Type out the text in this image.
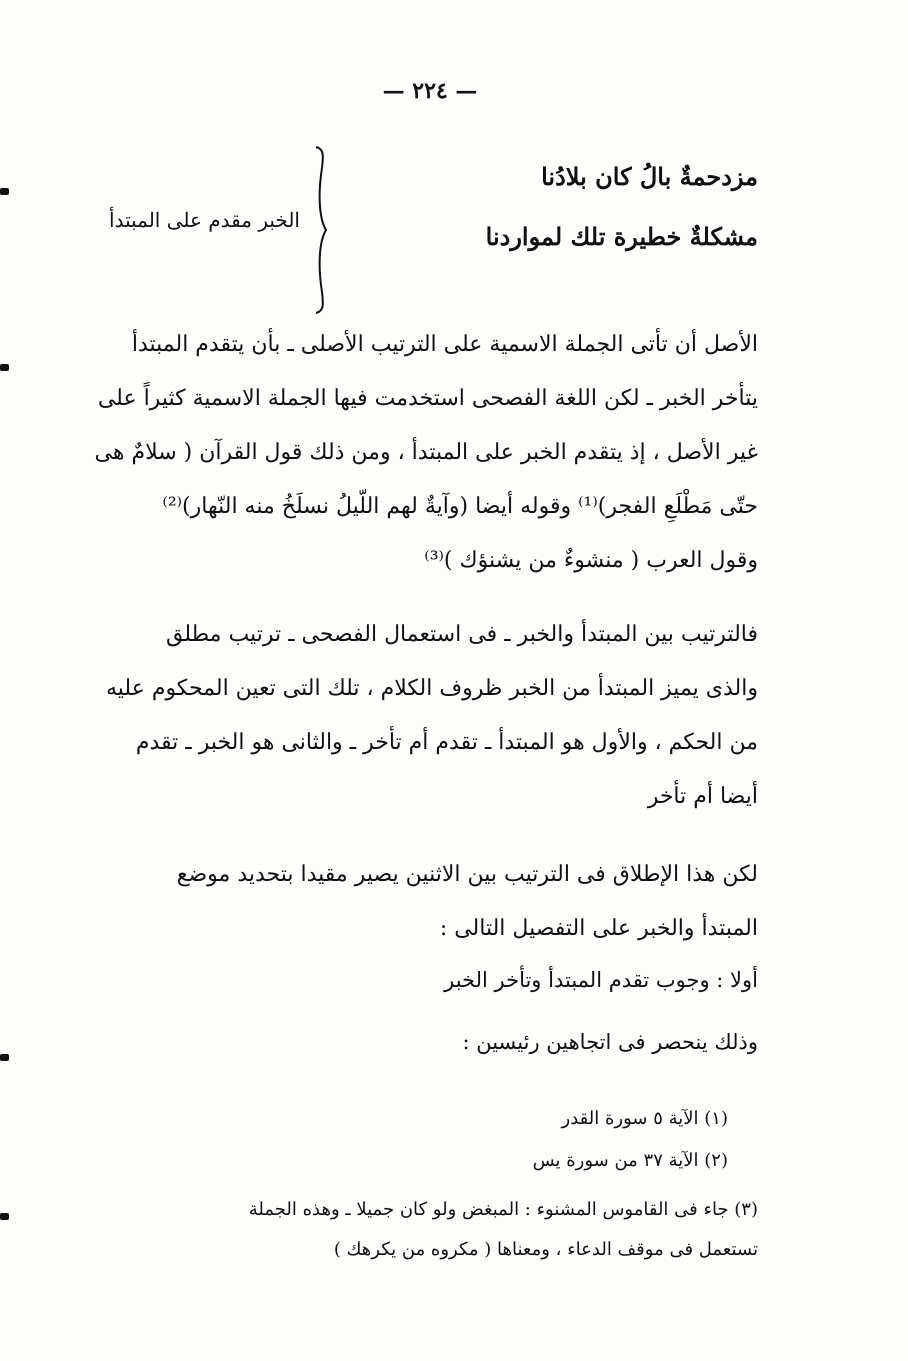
— ٢٢٤ —
مزدحمةٌ بالُ كان بلادُنا
مشكلةٌ خطيرة تلك لمواردنا
الخبر مقدم على المبتدأ
الأصل أن تأتى الجملة الاسمية على الترتيب الأصلى ـ بأن يتقدم المبتدأ
يتأخر الخبر ـ لكن اللغة الفصحى استخدمت فيها الجملة الاسمية كثيراً على
غير الأصل ، إذ يتقدم الخبر على المبتدأ ، ومن ذلك قول القرآن ( سلامٌ هى
حتّى مَطْلَعِ الفجر)⁽¹⁾ وقوله أيضا (وآيةٌ لهم اللّيلُ نسلَخُ منه النّهار)⁽²⁾
وقول العرب ( منشوءٌ من يشنؤك )⁽³⁾
فالترتيب بين المبتدأ والخبر ـ فى استعمال الفصحى ـ ترتيب مطلق
والذى يميز المبتدأ من الخبر ظروف الكلام ، تلك التى تعين المحكوم عليه
من الحكم ، والأول هو المبتدأ ـ تقدم أم تأخر ـ والثانى هو الخبر ـ تقدم
أيضا أم تأخر
لكن هذا الإطلاق فى الترتيب بين الاثنين يصير مقيدا بتحديد موضع
المبتدأ والخبر على التفصيل التالى :
أولا : وجوب تقدم المبتدأ وتأخر الخبر
وذلك ينحصر فى اتجاهين رئيسين :
(١) الآية ٥ سورة القدر
(٢) الآية ٣٧ من سورة يس
(٣) جاء فى القاموس المشنوء : المبغض ولو كان جميلا ـ وهذه الجملة
تستعمل فى موقف الدعاء ، ومعناها ( مكروه من يكرهك )
